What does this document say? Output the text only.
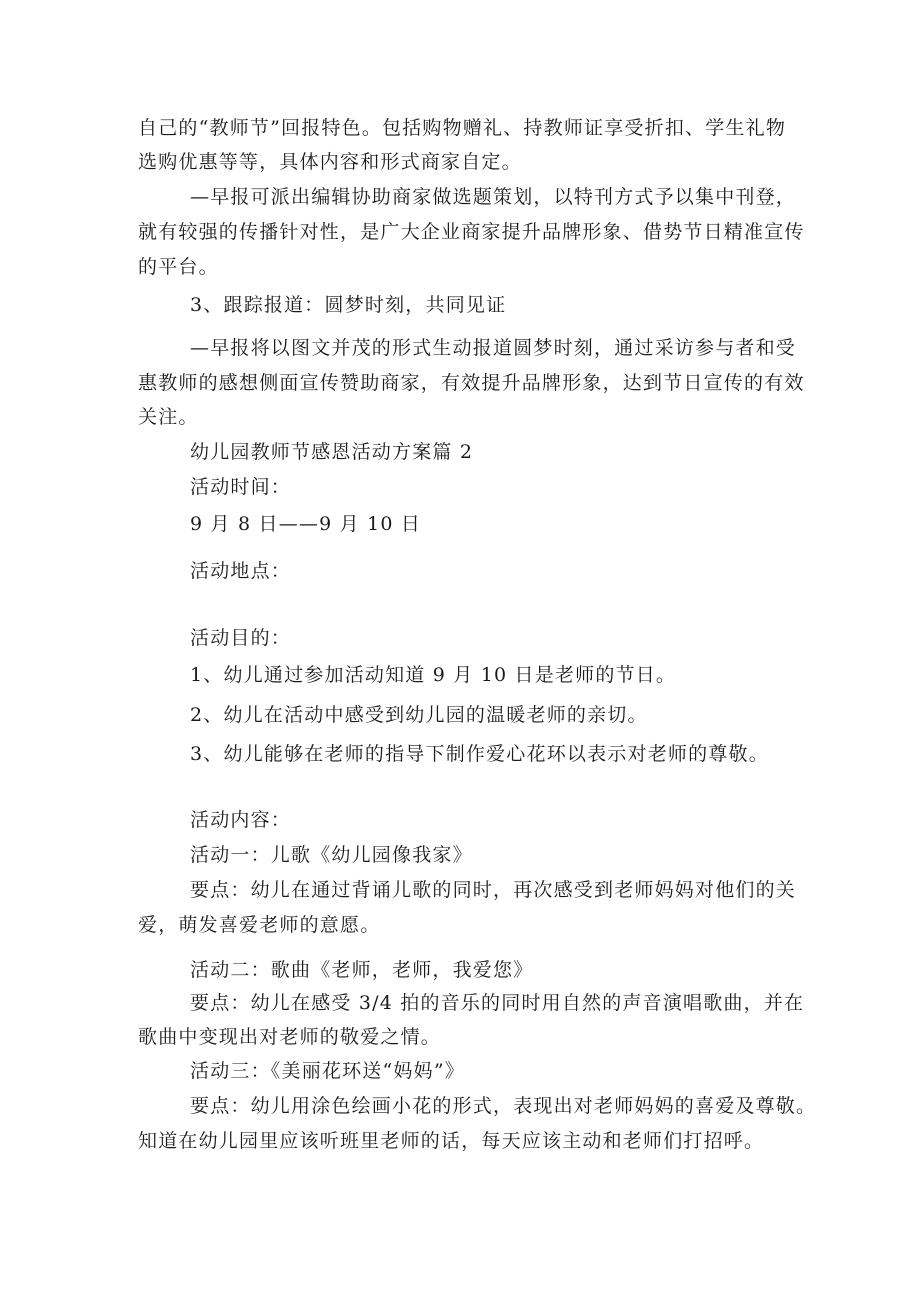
自己的“教师节”回报特色。包括购物赠礼、持教师证享受折扣、学生礼物
选购优惠等等，具体内容和形式商家自定。
—早报可派出编辑协助商家做选题策划，以特刊方式予以集中刊登，
就有较强的传播针对性，是广大企业商家提升品牌形象、借势节日精准宣传
的平台。
3、跟踪报道：圆梦时刻，共同见证
—早报将以图文并茂的形式生动报道圆梦时刻，通过采访参与者和受
惠教师的感想侧面宣传赞助商家，有效提升品牌形象，达到节日宣传的有效
关注。
幼儿园教师节感恩活动方案篇 2
活动时间：
9 月 8 日——9 月 10 日
活动地点：
活动目的：
1、幼儿通过参加活动知道 9 月 10 日是老师的节日。
2、幼儿在活动中感受到幼儿园的温暖老师的亲切。
3、幼儿能够在老师的指导下制作爱心花环以表示对老师的尊敬。
活动内容：
活动一：儿歌《幼儿园像我家》
要点：幼儿在通过背诵儿歌的同时，再次感受到老师妈妈对他们的关
爱，萌发喜爱老师的意愿。
活动二：歌曲《老师，老师，我爱您》
要点：幼儿在感受 3/4 拍的音乐的同时用自然的声音演唱歌曲，并在
歌曲中变现出对老师的敬爱之情。
活动三：《美丽花环送“妈妈”》
要点：幼儿用涂色绘画小花的形式，表现出对老师妈妈的喜爱及尊敬。
知道在幼儿园里应该听班里老师的话，每天应该主动和老师们打招呼。
